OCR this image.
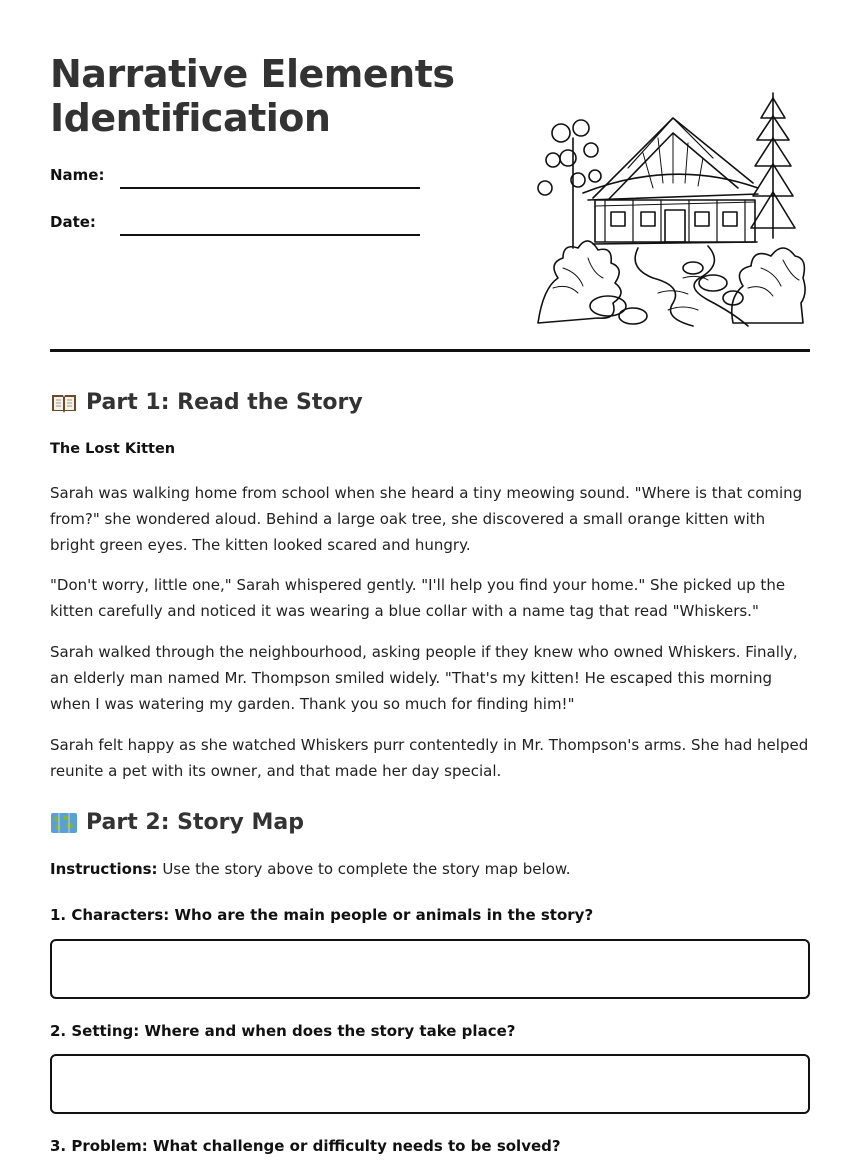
Narrative Elements Identification
Name:
Date:
Part 1: Read the Story
The Lost Kitten

Sarah was walking home from school when she heard a tiny meowing sound. "Where is that coming from?" she wondered aloud. Behind a large oak tree, she discovered a small orange kitten with bright green eyes. The kitten looked scared and hungry.

"Don't worry, little one," Sarah whispered gently. "I'll help you find your home." She picked up the kitten carefully and noticed it was wearing a blue collar with a name tag that read "Whiskers."

Sarah walked through the neighbourhood, asking people if they knew who owned Whiskers. Finally, an elderly man named Mr. Thompson smiled widely. "That's my kitten! He escaped this morning when I was watering my garden. Thank you so much for finding him!"

Sarah felt happy as she watched Whiskers purr contentedly in Mr. Thompson's arms. She had helped reunite a pet with its owner, and that made her day special.

Part 2: Story Map
Instructions: Use the story above to complete the story map below.
1. Characters: Who are the main people or animals in the story?
2. Setting: Where and when does the story take place?
3. Problem: What challenge or difficulty needs to be solved?
